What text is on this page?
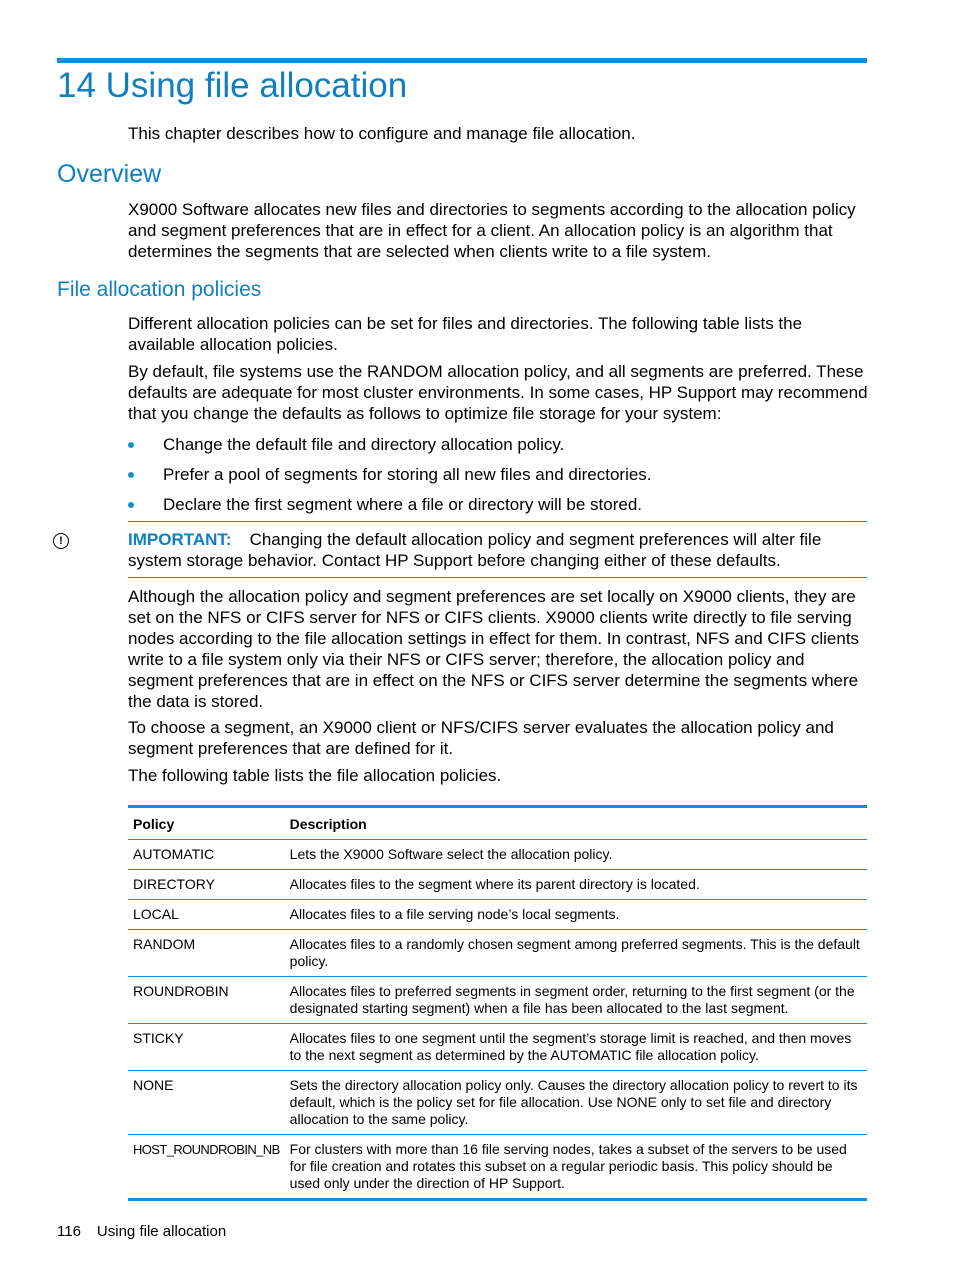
14 Using file allocation

This chapter describes how to configure and manage file allocation.

Overview

X9000 Software allocates new files and directories to segments according to the allocation policy and segment preferences that are in effect for a client. An allocation policy is an algorithm that determines the segments that are selected when clients write to a file system.

File allocation policies

Different allocation policies can be set for files and directories. The following table lists the available allocation policies.

By default, file systems use the RANDOM allocation policy, and all segments are preferred. These defaults are adequate for most cluster environments. In some cases, HP Support may recommend that you change the defaults as follows to optimize file storage for your system:

Change the default file and directory allocation policy.
Prefer a pool of segments for storing all new files and directories.
Declare the first segment where a file or directory will be stored.
!	IMPORTANT: Changing the default allocation policy and segment preferences will alter file system storage behavior. Contact HP Support before changing either of these defaults.

Although the allocation policy and segment preferences are set locally on X9000 clients, they are set on the NFS or CIFS server for NFS or CIFS clients. X9000 clients write directly to file serving nodes according to the file allocation settings in effect for them. In contrast, NFS and CIFS clients write to a file system only via their NFS or CIFS server; therefore, the allocation policy and segment preferences that are in effect on the NFS or CIFS server determine the segments where the data is stored.

To choose a segment, an X9000 client or NFS/CIFS server evaluates the allocation policy and segment preferences that are defined for it.

The following table lists the file allocation policies.

Policy	Description
AUTOMATIC	Lets the X9000 Software select the allocation policy.
DIRECTORY	Allocates files to the segment where its parent directory is located.
LOCAL	Allocates files to a file serving node’s local segments.
RANDOM	Allocates files to a randomly chosen segment among preferred segments. This is the default policy.
ROUNDROBIN	Allocates files to preferred segments in segment order, returning to the first segment (or the designated starting segment) when a file has been allocated to the last segment.
STICKY	Allocates files to one segment until the segment’s storage limit is reached, and then moves to the next segment as determined by the AUTOMATIC file allocation policy.
NONE	Sets the directory allocation policy only. Causes the directory allocation policy to revert to its default, which is the policy set for file allocation. Use NONE only to set file and directory allocation to the same policy.
HOST_ROUNDROBIN_NB	For clusters with more than 16 file serving nodes, takes a subset of the servers to be used for file creation and rotates this subset on a regular periodic basis. This policy should be used only under the direction of HP Support.
116 Using file allocation
